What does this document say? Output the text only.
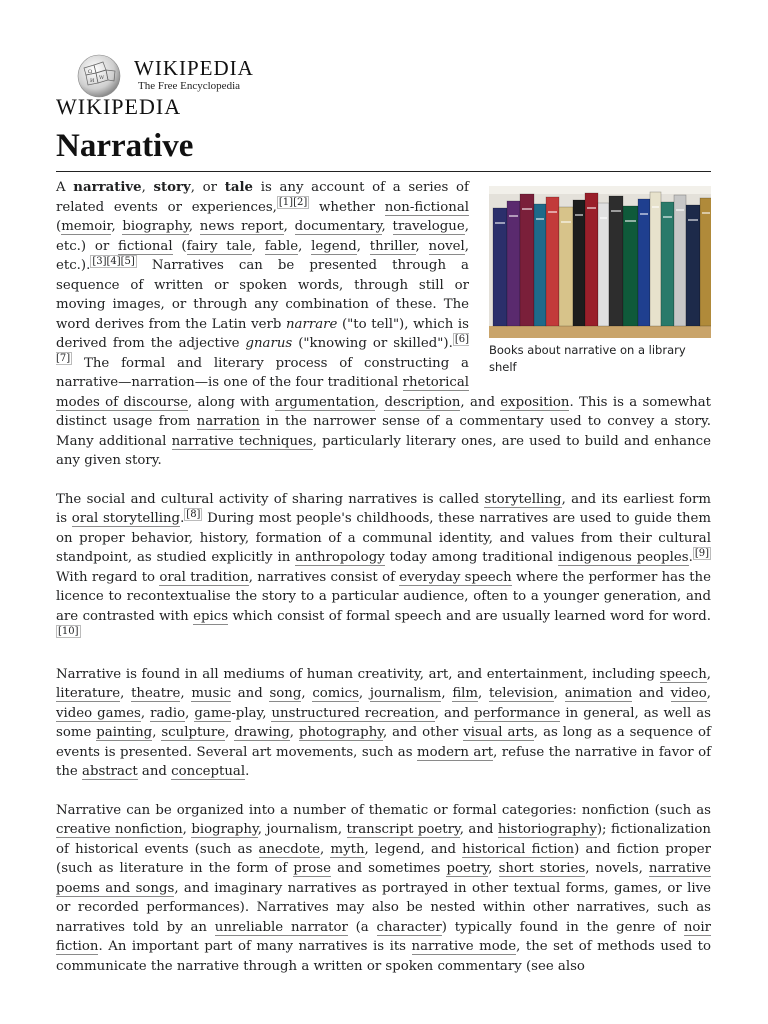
Ω
W
И
WIKIPEDIA
The Free Encyclopedia
WIKIPEDIA
Narrative
Books about narrative on a library shelf

A narrative, story, or tale is any account of a series of related events or experiences, [1][2] whether non-fictional (memoir, biography, news report, documentary, travelogue, etc.) or fictional (fairy tale, fable, legend, thriller, novel, etc.). [3][4][5] Narratives can be presented through a sequence of written or spoken words, through still or moving images, or through any combination of these. The word derives from the Latin verb narrare ("to tell"), which is derived from the adjective gnarus ("knowing or skilled"). [6][7] The formal and literary process of constructing a narrative—narration—is one of the four traditional rhetorical modes of discourse, along with argumentation, description, and exposition. This is a somewhat distinct usage from narration in the narrower sense of a commentary used to convey a story. Many additional narrative techniques, particularly literary ones, are used to build and enhance any given story.

The social and cultural activity of sharing narratives is called storytelling, and its earliest form is oral storytelling. [8] During most people's childhoods, these narratives are used to guide them on proper behavior, history, formation of a communal identity, and values from their cultural standpoint, as studied explicitly in anthropology today among traditional indigenous peoples. [9] With regard to oral tradition, narratives consist of everyday speech where the performer has the licence to recontextualise the story to a particular audience, often to a younger generation, and are contrasted with epics which consist of formal speech and are usually learned word for word.[10]

Narrative is found in all mediums of human creativity, art, and entertainment, including speech, literature, theatre, music and song, comics, journalism, film, television, animation and video, video games, radio, game-play, unstructured recreation, and performance in general, as well as some painting, sculpture, drawing, photography, and other visual arts, as long as a sequence of events is presented. Several art movements, such as modern art, refuse the narrative in favor of the abstract and conceptual.

Narrative can be organized into a number of thematic or formal categories: nonfiction (such as creative nonfiction, biography, journalism, transcript poetry, and historiography); fictionalization of historical events (such as anecdote, myth, legend, and historical fiction) and fiction proper (such as literature in the form of prose and sometimes poetry, short stories, novels, narrative poems and songs, and imaginary narratives as portrayed in other textual forms, games, or live or recorded performances). Narratives may also be nested within other narratives, such as narratives told by an unreliable narrator (a character) typically found in the genre of noir fiction. An important part of many narratives is its narrative mode, the set of methods used to communicate the narrative through a written or spoken commentary (see also
